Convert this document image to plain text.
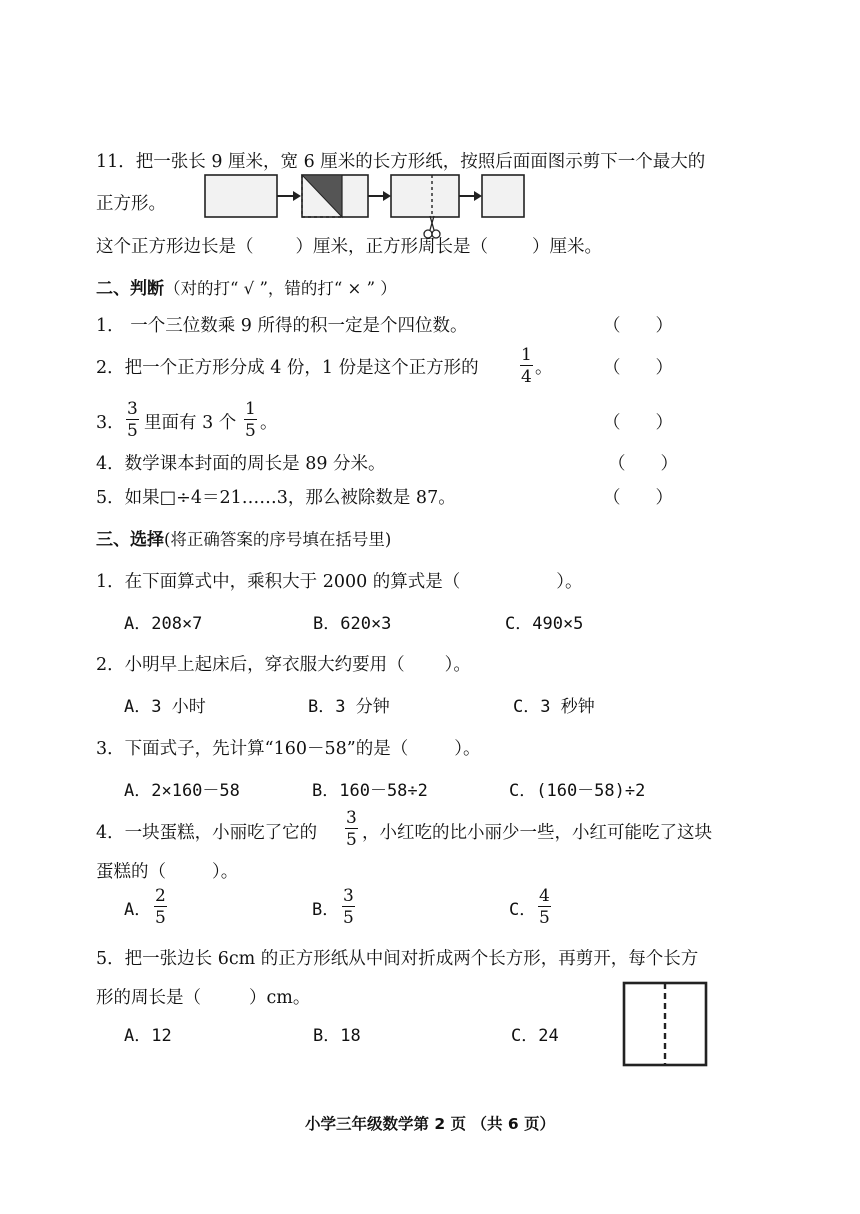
11．把一张长 9 厘米，宽 6 厘米的长方形纸，按照后面面图示剪下一个最大的
正方形。
这个正方形边长是（ ）厘米，正方形周长是（	）厘米。
二、判断（对的打“ √ ”，错的打“ × ” ）
1． 一个三位数乘 9 所得的积一定是个四位数。	（　　）
2．把一个正方形分成 4 份，1 份是这个正方形的
1
4 。	（　　）
3．
3
5 里面有 3 个
1
5 。	（　　）
4．数学课本封面的周长是 89 分米。	（　　）
5．如果□÷4＝21……3，那么被除数是 87。	（　　）
三、选择(将正确答案的序号填在括号里)
1．在下面算式中，乘积大于 2000 的算式是（	）。
A．208×7	B．620×3	C．490×5
2．小明早上起床后，穿衣服大约要用（ ）。
A．3 小时	B．3 分钟	C．3 秒钟
3．下面式子，先计算“160－58”的是（	）。
A．2×160－58	B．160－58÷2	C．(160－58)÷2
4．一块蛋糕，小丽吃了它的
3
5 ，小红吃的比小丽少一些，小红可能吃了这块
蛋糕的（	）。
A．
2
5	B．
3
5	C．
4
5
5．把一张边长 6cm 的正方形纸从中间对折成两个长方形，再剪开，每个长方
形的周长是（	）cm。
A．12	B．18	C．24
小学三年级数学第 2 页 （共 6 页）
